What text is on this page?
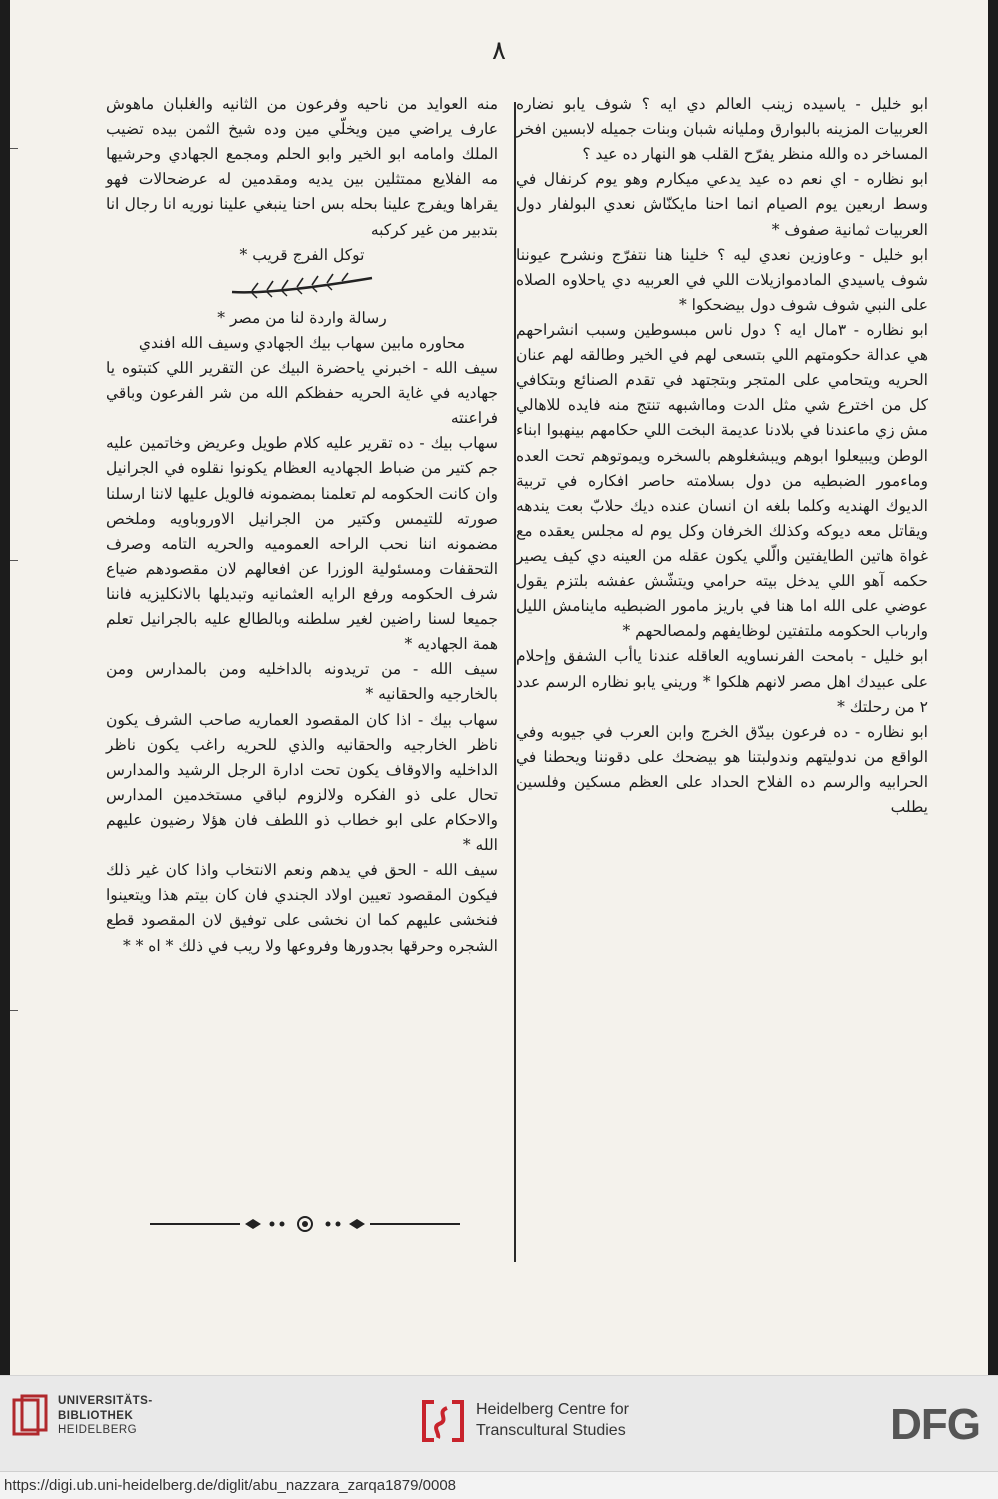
٨

ابو خليل - ياسيده زينب العالم دي ايه ؟ شوف يابو نضاره العربيات المزينه بالبوارق ومليانه شبان وبنات جميله لابسين افخر المساخر ده والله منظر يفرّح القلب هو النهار ده عيد ؟

ابو نظاره - اي نعم ده عيد يدعي ميكارم وهو يوم كرنفال في وسط اربعين يوم الصيام انما احنا مايكنّاش نعدي البولفار دول العربيات ثمانية صفوف *

ابو خليل - وعاوزين نعدي ليه ؟ خلينا هنا نتفرّج ونشرح عيوننا شوف ياسيدي المادموازيلات اللي في العربيه دي ياحلاوه الصلاه على النبي شوف شوف دول بيضحكوا *

ابو نظاره - ٣مال ايه ؟ دول ناس مبسوطين وسبب انشراحهم هي عدالة حكومتهم اللي بتسعى لهم في الخير وطالقه لهم عنان الحريه ويتحامي على المتجر وبتجتهد في تقدم الصنائع وبتكافي كل من اخترع شي مثل الدت ومااشبهه تنتج منه فايده للاهالي مش زي ماعندنا في بلادنا عديمة البخت اللي حكامهم بينهبوا ابناء الوطن ويبيعلوا ابوهم ويبشغلوهم بالسخره ويموتوهم تحت العده وماءمور الضبطيه من دول بسلامته حاصر افكاره في تربية الديوك الهنديه وكلما بلغه ان انسان عنده ديك حلابّ بعت يندهه ويقاتل معه ديوكه وكذلك الخرفان وكل يوم له مجلس يعقده مع غواة هاتين الطايفتين والّلي يكون عقله من العينه دي كيف يصير حكمه آهو اللي يدخل بيته حرامي ويتشّش عفشه بلتزم يقول عوضي على الله اما هنا في باريز مامور الضبطيه ماينامش الليل وارباب الحكومه ملتفتين لوظايفهم ولمصالحهم *

ابو خليل - بامحت الفرنساويه العاقله عندنا ياأب الشفق وإحلام على عبيدك اهل مصر لانهم هلكوا * وريني يابو نظاره الرسم عدد ٢ من رحلتك *

ابو نظاره - ده فرعون بيدّق الخرج وابن العرب في جيوبه وفي الواقع من ندوليتهم وندولبتنا هو بيضحك على دقوننا ويحطنا في الحرابيه والرسم ده الفلاح الحداد على العظم مسكين وفلسين يطلب

منه العوايد من ناحيه وفرعون من الثانيه والغلبان ماهوش عارف يراضي مين ويخلّي مين وده شيخ الثمن بيده تضيب الملك وامامه ابو الخير وابو الحلم ومجمع الجهادي وحرشيها مه الفلايع ممتثلين بين يديه ومقدمين له عرضحالات فهو يقراها ويفرج علينا بحله بس احنا ينبغي علينا نوريه انا رجال انا بتدبير من غير كركبه

توكل الفرج قريب *

رسالة واردة لنا من مصر *

محاوره مابين سهاب بيك الجهادي وسيف الله افندي

سيف الله - اخبرني ياحضرة البيك عن التقرير اللي كتبتوه يا جهاديه في غاية الحريه حفظكم الله من شر الفرعون وباقي فراعنته

سهاب بيك - ده تقرير عليه كلام طويل وعريض وخاتمين عليه جم كتير من ضباط الجهاديه العظام يكونوا نقلوه في الجرانيل وان كانت الحكومه لم تعلمنا بمضمونه فالويل عليها لاننا ارسلنا صورته للتيمس وكتير من الجرانيل الاوروباويه وملخص مضمونه اننا نحب الراحه العموميه والحريه التامه وصرف التحقفات ومسئولية الوزرا عن افعالهم لان مقصودهم ضياع شرف الحكومه ورفع الرايه العثمانيه وتبديلها بالانكليزيه فاننا جميعا لسنا راضين لغير سلطنه وبالطالع عليه بالجرانيل تعلم همة الجهاديه *

سيف الله - من تريدونه بالداخليه ومن بالمدارس ومن بالخارجيه والحقانيه *

سهاب بيك - اذا كان المقصود العماريه صاحب الشرف يكون ناظر الخارجيه والحقانيه والذي للحريه راغب يكون ناظر الداخليه والاوقاف يكون تحت ادارة الرجل الرشيد والمدارس تحال على ذو الفكره ولالزوم لباقي مستخدمين المدارس والاحكام على ابو خطاب ذو اللطف فان هؤلا رضيون عليهم الله *

سيف الله - الحق في يدهم ونعم الانتخاب واذا كان غير ذلك فيكون المقصود تعيين اولاد الجندي فان كان بيتم هذا ويتعينوا فنخشى عليهم كما ان نخشى على توفيق لان المقصود قطع الشجره وحرقها بجدورها وفروعها ولا ريب في ذلك * اه * *

UNIVERSITÄTS-
BIBLIOTHEK
HEIDELBERG
Heidelberg Centre for
Transcultural Studies	DFG
https://digi.ub.uni-heidelberg.de/diglit/abu_nazzara_zarqa1879/0008
